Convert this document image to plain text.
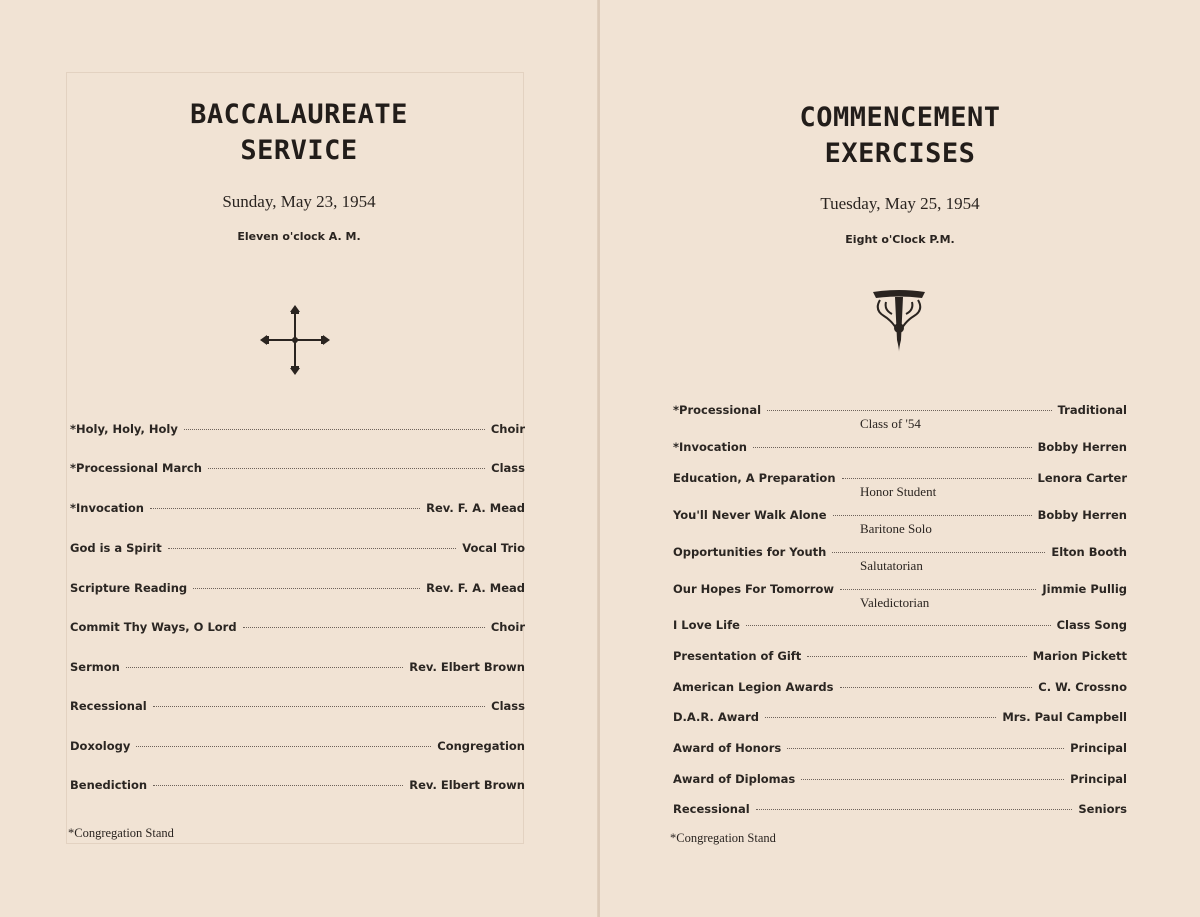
BACCALAUREATE
SERVICE
Sunday, May 23, 1954
Eleven o'clock A. M.
*Holy, Holy, Holy	Choir
*Processional March	Class
*Invocation	Rev. F. A. Mead
God is a Spirit	Vocal Trio
Scripture Reading	Rev. F. A. Mead
Commit Thy Ways, O Lord	Choir
Sermon	Rev. Elbert Brown
Recessional	Class
Doxology	Congregation
Benediction	Rev. Elbert Brown
*Congregation Stand
COMMENCEMENT
EXERCISES
Tuesday, May 25, 1954
Eight o'Clock P.M.
*Processional	Traditional
Class of '54
*Invocation	Bobby Herren
Education, A Preparation	Lenora Carter
Honor Student
You'll Never Walk Alone	Bobby Herren
Baritone Solo
Opportunities for Youth	Elton Booth
Salutatorian
Our Hopes For Tomorrow	Jimmie Pullig
Valedictorian
I Love Life	Class Song
Presentation of Gift	Marion Pickett
American Legion Awards	C. W. Crossno
D.A.R. Award	Mrs. Paul Campbell
Award of Honors	Principal
Award of Diplomas	Principal
Recessional	Seniors
*Congregation Stand
